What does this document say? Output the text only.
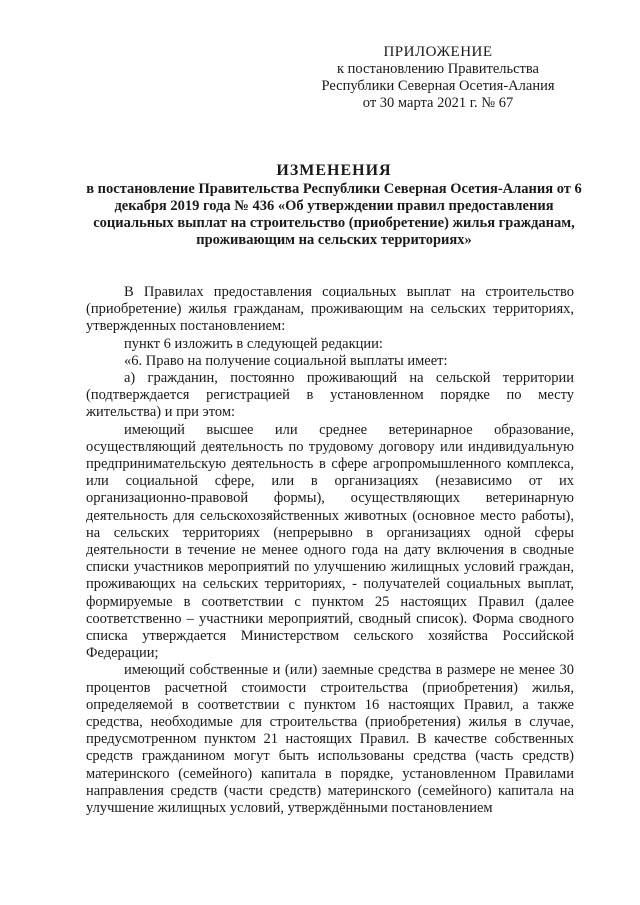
ПРИЛОЖЕНИЕ
к постановлению Правительства
Республики Северная Осетия-Алания
от 30 марта 2021 г. № 67
ИЗМЕНЕНИЯ
в постановление Правительства Республики Северная Осетия-Алания от 6 декабря 2019 года № 436 «Об утверждении правил предоставления социальных выплат на строительство (приобретение) жилья гражданам, проживающим на сельских территориях»

В Правилах предоставления социальных выплат на строительство (приобретение) жилья гражданам, проживающим на сельских территориях, утвержденных постановлением:

пункт 6 изложить в следующей редакции:

«6. Право на получение социальной выплаты имеет:

а) гражданин, постоянно проживающий на сельской территории (подтверждается регистрацией в установленном порядке по месту жительства) и при этом:

имеющий высшее или среднее ветеринарное образование, осуществляющий деятельность по трудовому договору или индивидуальную предпринимательскую деятельность в сфере агропромышленного комплекса, или социальной сфере, или в организациях (независимо от их организационно-правовой формы), осуществляющих ветеринарную деятельность для сельскохозяйственных животных (основное место работы), на сельских территориях (непрерывно в организациях одной сферы деятельности в течение не менее одного года на дату включения в сводные списки участников мероприятий по улучшению жилищных условий граждан, проживающих на сельских территориях, - получателей социальных выплат, формируемые в соответствии с пунктом 25 настоящих Правил (далее соответственно – участники мероприятий, сводный список). Форма сводного списка утверждается Министерством сельского хозяйства Российской Федерации;

имеющий собственные и (или) заемные средства в размере не менее 30 процентов расчетной стоимости строительства (приобретения) жилья, определяемой в соответствии с пунктом 16 настоящих Правил, а также средства, необходимые для строительства (приобретения) жилья в случае, предусмотренном пунктом 21 настоящих Правил. В качестве собственных средств гражданином могут быть использованы средства (часть средств) материнского (семейного) капитала в порядке, установленном Правилами направления средств (части средств) материнского (семейного) капитала на улучшение жилищных условий, утверждёнными постановлением
